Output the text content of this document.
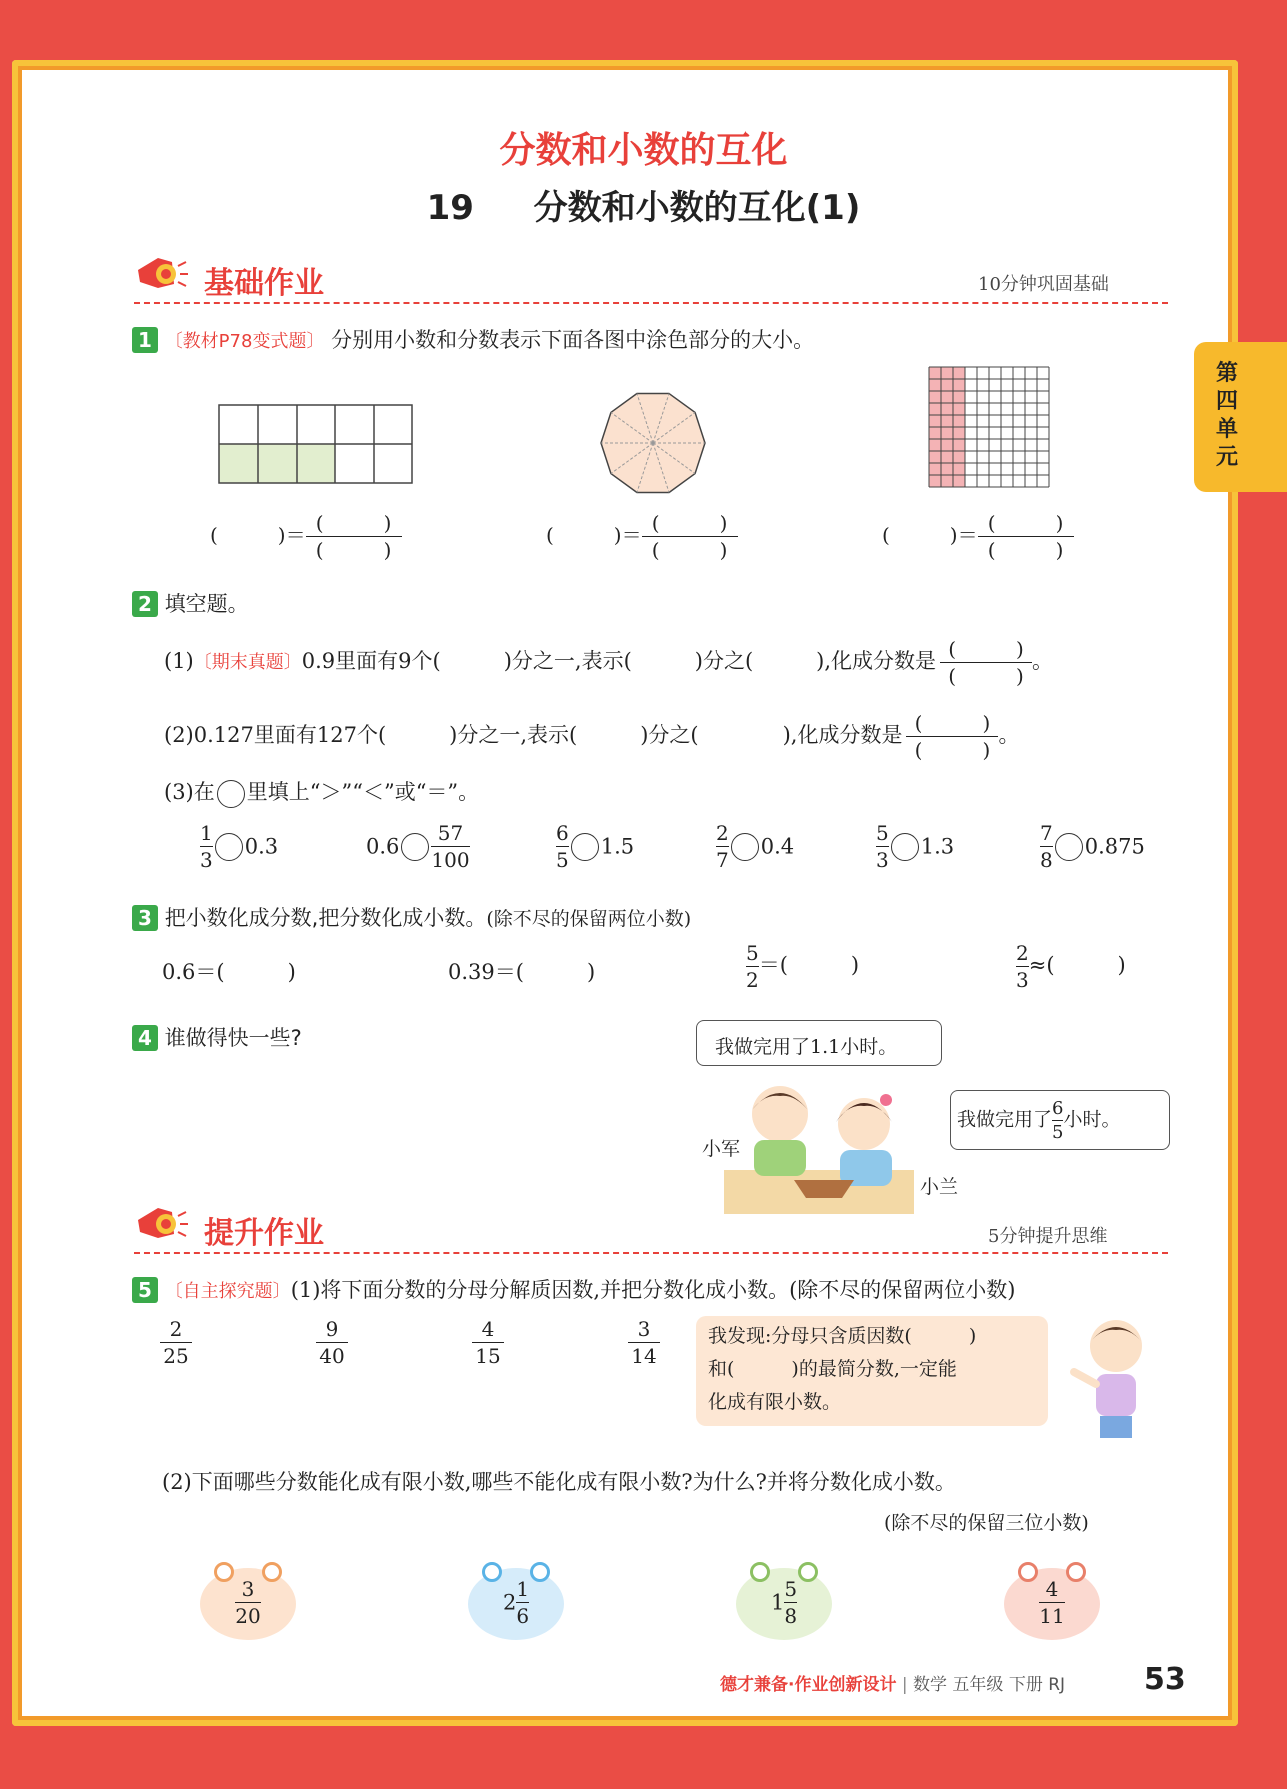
分数和小数的互化
19 分数和小数的互化(1)
第四单元
基础作业	10分钟巩固基础
1 〔教材P78变式题〕 分别用小数和分数表示下面各图中涂色部分的大小。
(　　　)＝ $\frac{( )}{( )}$	(　　　)＝ $\frac{( )}{( )}$	(　　　)＝ $\frac{( )}{( )}$
2 填空题。
(1)〔期末真题〕0.9里面有9个(　　　)分之一,表示(　　　)分之(　　　),化成分数是 $\frac{( )}{( )}$ 。
(2)0.127里面有127个(　　　)分之一,表示(　　　)分之(　　　　),化成分数是 $\frac{( )}{( )}$ 。
(3)在 里填上“＞”“＜”或“＝”。
$\frac{1}{3} 0.3$	$0.6 \frac{57}{100}$	$\frac{6}{5} 1.5$	$\frac{2}{7} 0.4$	$\frac{5}{3} 1.3$	$\frac{7}{8} 0.875$
3 把小数化成分数,把分数化成小数。(除不尽的保留两位小数)
0.6＝(　　　)	0.39＝(　　　)	$\frac{5}{2}$ ＝(　　　)	$\frac{2}{3}$ ≈(　　　)
4 谁做得快一些?	我做完用了1.1小时。
我做完用了 $\frac{6}{5}$ 小时。
小军
小兰
提升作业	5分钟提升思维
5 〔自主探究题〕(1)将下面分数的分母分解质因数,并把分数化成小数。(除不尽的保留两位小数)
$\frac{2}{25}$	$\frac{9}{40}$	$\frac{4}{15}$	$\frac{3}{14}$	我发现:分母只含质因数(　　　)
和(　　　)的最简分数,一定能
化成有限小数。
(2)下面哪些分数能化成有限小数,哪些不能化成有限小数?为什么?并将分数化成小数。
(除不尽的保留三位小数)
$\frac{3}{20}$	$2 \frac{1}{6}$	$1 \frac{5}{8}$	$\frac{4}{11}$
德才兼备·作业创新设计 | 数学 五年级 下册 RJ	53
